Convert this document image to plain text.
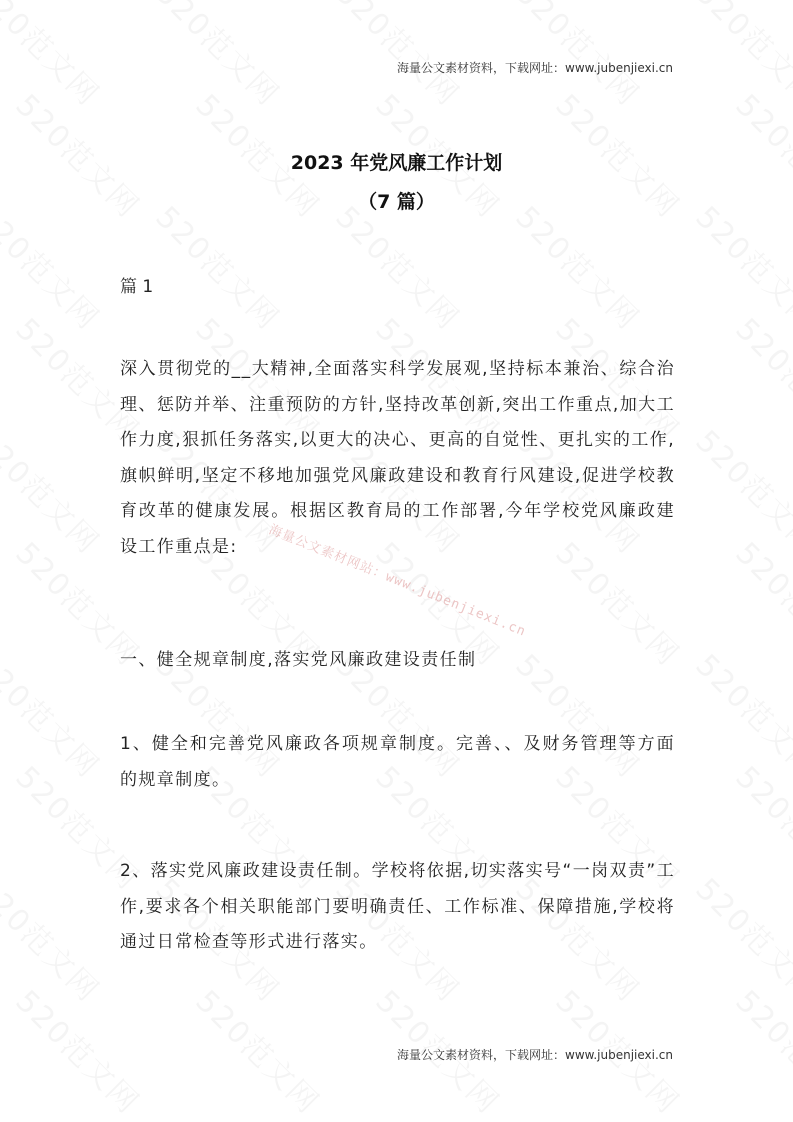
海量公文素材网站：www.jubenjiexi.cn
海量公文素材资料，下载网址：www.jubenjiexi.cn
2023 年党风廉工作计划
（7 篇）
篇 1
深入贯彻党的__大精神,全面落实科学发展观,坚持标本兼治、综合治理、惩防并举、注重预防的方针,坚持改革创新,突出工作重点,加大工作力度,狠抓任务落实,以更大的决心、更高的自觉性、更扎实的工作,旗帜鲜明,坚定不移地加强党风廉政建设和教育行风建设,促进学校教育改革的健康发展。根据区教育局的工作部署,今年学校党风廉政建设工作重点是:
一、健全规章制度,落实党风廉政建设责任制
1、健全和完善党风廉政各项规章制度。完善、、及财务管理等方面的规章制度。
2、落实党风廉政建设责任制。学校将依据,切实落实号“一岗双责”工作,要求各个相关职能部门要明确责任、工作标准、保障措施,学校将通过日常检查等形式进行落实。
海量公文素材资料，下载网址：www.jubenjiexi.cn
